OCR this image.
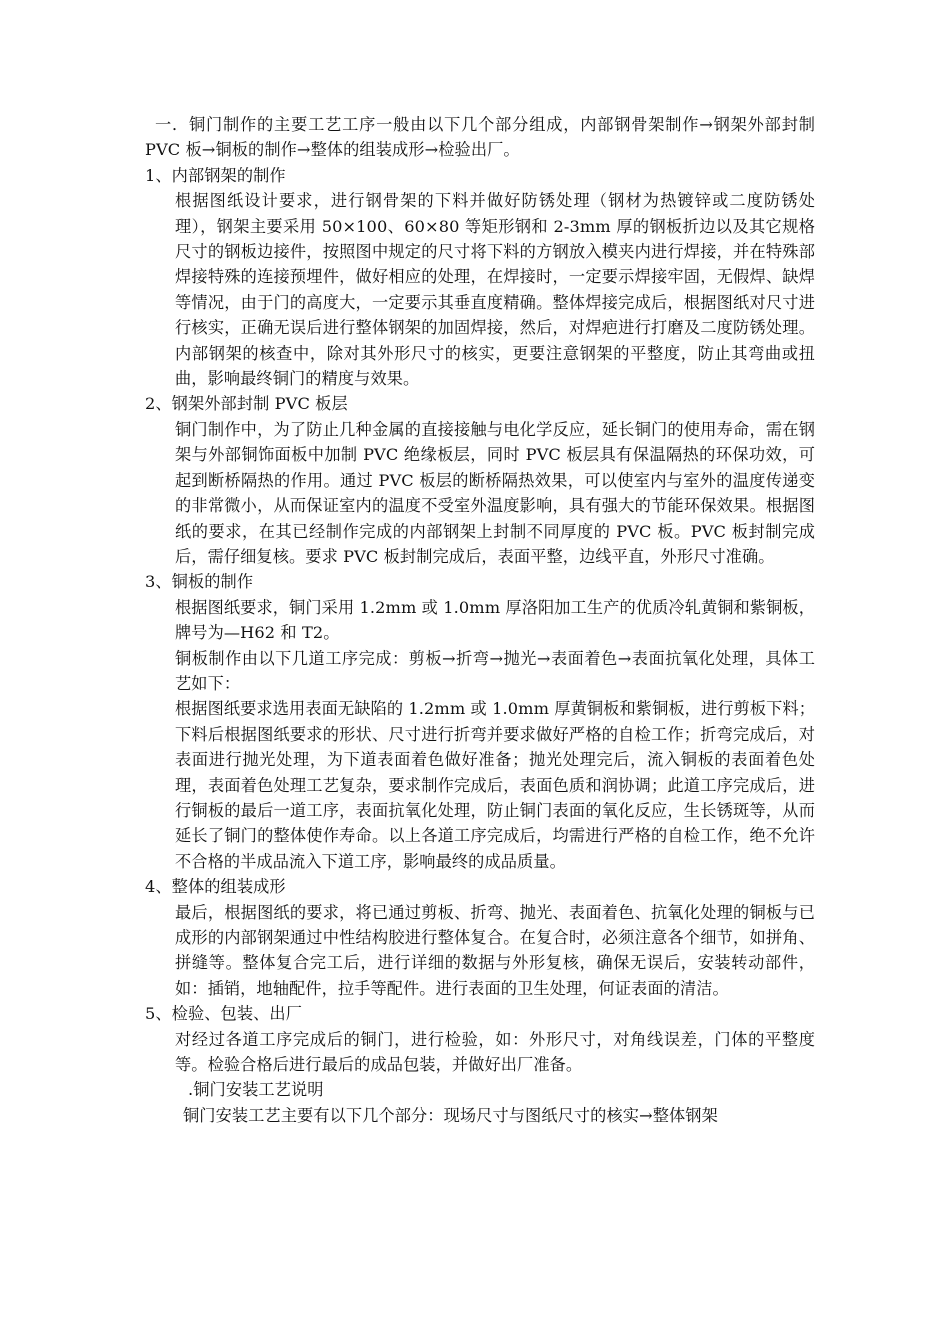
一．铜门制作的主要工艺工序一般由以下几个部分组成，内部钢骨架制作→钢架外部封制 PVC 板→铜板的制作→整体的组装成形→检验出厂。

1、内部钢架的制作

根据图纸设计要求，进行钢骨架的下料并做好防锈处理（钢材为热镀锌或二度防锈处理），钢架主要采用 50×100、60×80 等矩形钢和 2-3mm 厚的钢板折边以及其它规格尺寸的钢板边接件，按照图中规定的尺寸将下料的方钢放入模夹内进行焊接，并在特殊部焊接特殊的连接预埋件，做好相应的处理，在焊接时，一定要示焊接牢固，无假焊、缺焊等情况，由于门的高度大，一定要示其垂直度精确。整体焊接完成后，根据图纸对尺寸进行核实，正确无误后进行整体钢架的加固焊接，然后，对焊疤进行打磨及二度防锈处理。内部钢架的核查中，除对其外形尺寸的核实，更要注意钢架的平整度，防止其弯曲或扭曲，影响最终铜门的精度与效果。

2、钢架外部封制 PVC 板层

铜门制作中，为了防止几种金属的直接接触与电化学反应，延长铜门的使用寿命，需在钢架与外部铜饰面板中加制 PVC 绝缘板层，同时 PVC 板层具有保温隔热的环保功效，可起到断桥隔热的作用。通过 PVC 板层的断桥隔热效果，可以使室内与室外的温度传递变的非常微小，从而保证室内的温度不受室外温度影响，具有强大的节能环保效果。根据图纸的要求，在其已经制作完成的内部钢架上封制不同厚度的 PVC 板。PVC 板封制完成后，需仔细复核。要求 PVC 板封制完成后，表面平整，边线平直，外形尺寸准确。

3、铜板的制作

根据图纸要求，铜门采用 1.2mm 或 1.0mm 厚洛阳加工生产的优质冷轧黄铜和紫铜板，牌号为—H62 和 T2。

铜板制作由以下几道工序完成：剪板→折弯→抛光→表面着色→表面抗氧化处理，具体工艺如下：

根据图纸要求选用表面无缺陷的 1.2mm 或 1.0mm 厚黄铜板和紫铜板，进行剪板下料；下料后根据图纸要求的形状、尺寸进行折弯并要求做好严格的自检工作；折弯完成后，对表面进行抛光处理，为下道表面着色做好准备；抛光处理完后，流入铜板的表面着色处理，表面着色处理工艺复杂，要求制作完成后，表面色质和润协调；此道工序完成后，进行铜板的最后一道工序，表面抗氧化处理，防止铜门表面的氧化反应，生长锈斑等，从而延长了铜门的整体使作寿命。以上各道工序完成后，均需进行严格的自检工作，绝不允许不合格的半成品流入下道工序，影响最终的成品质量。

4、整体的组装成形

最后，根据图纸的要求，将已通过剪板、折弯、抛光、表面着色、抗氧化处理的铜板与已成形的内部钢架通过中性结构胶进行整体复合。在复合时，必须注意各个细节，如拼角、拼缝等。整体复合完工后，进行详细的数据与外形复核，确保无误后，安装转动部件，如：插销，地轴配件，拉手等配件。进行表面的卫生处理，何证表面的清洁。

5、检验、包装、出厂

对经过各道工序完成后的铜门，进行检验，如：外形尺寸，对角线误差，门体的平整度等。检验合格后进行最后的成品包装，并做好出厂准备。

.铜门安装工艺说明

铜门安装工艺主要有以下几个部分：现场尺寸与图纸尺寸的核实→整体钢架
